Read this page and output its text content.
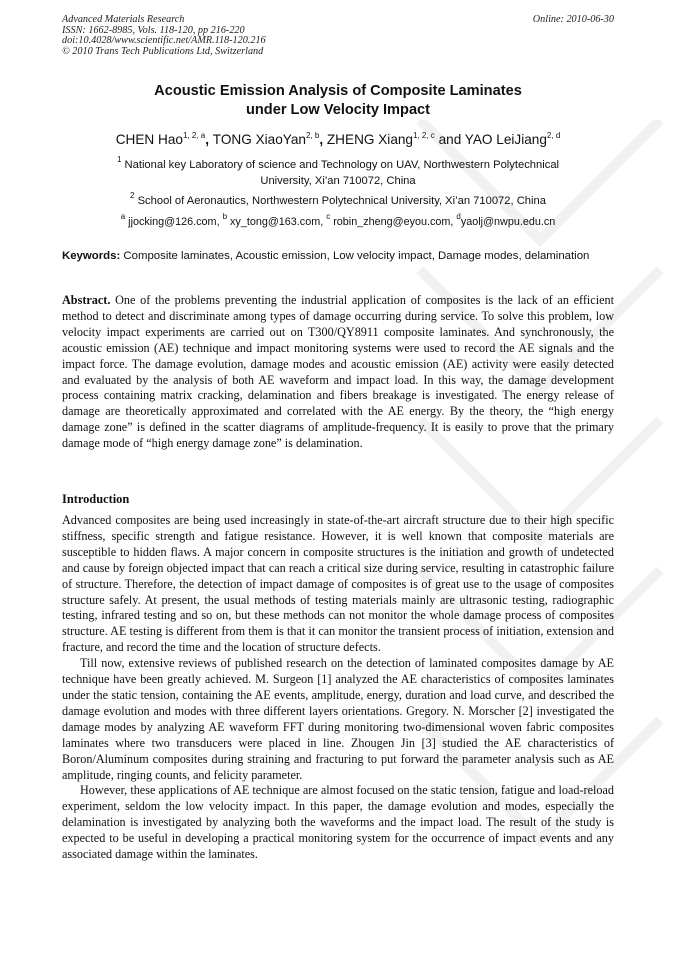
Advanced Materials Research
ISSN: 1662-8985, Vols. 118-120, pp 216-220
doi:10.4028/www.scientific.net/AMR.118-120.216
© 2010 Trans Tech Publications Ltd, Switzerland
Online: 2010-06-30
Acoustic Emission Analysis of Composite Laminates
under Low Velocity Impact
CHEN Hao$^{1, 2, a}$, TONG XiaoYan$^{2, b}$, ZHENG Xiang$^{1, 2, c}$ and YAO LeiJiang$^{2, d}$
$^1$ National key Laboratory of science and Technology on UAV, Northwestern Polytechnical
University, Xi’an 710072, China
$^2$ School of Aeronautics, Northwestern Polytechnical University, Xi’an 710072, China
$^a$ jjocking@126.com, $^b$ xy_tong@163.com, $^c$ robin_zheng@eyou.com, $^d$yaolj@nwpu.edu.cn
Keywords: Composite laminates, Acoustic emission, Low velocity impact, Damage modes, delamination
Abstract. One of the problems preventing the industrial application of composites is the lack of an efficient method to detect and discriminate among types of damage occurring during service. To solve this problem, low velocity impact experiments are carried out on T300/QY8911 composite laminates. And synchronously, the acoustic emission (AE) technique and impact monitoring systems were used to record the AE signals and the impact force. The damage evolution, damage modes and acoustic emission (AE) activity were easily detected and evaluated by the analysis of both AE waveform and impact load. In this way, the damage development process containing matrix cracking, delamination and fibers breakage is investigated. The energy release of damage are theoretically approximated and correlated with the AE energy. By the theory, the “high energy damage zone” is defined in the scatter diagrams of amplitude-frequency. It is easily to prove that the primary damage mode of “high energy damage zone” is delamination.
Introduction

Advanced composites are being used increasingly in state-of-the-art aircraft structure due to their high specific stiffness, specific strength and fatigue resistance. However, it is well known that composite materials are susceptible to hidden flaws. A major concern in composite structures is the initiation and growth of undetected and cause by foreign objected impact that can reach a critical size during service, resulting in catastrophic failure of structure. Therefore, the detection of impact damage of composites is of great use to the usage of composites structure safely. At present, the usual methods of testing materials mainly are ultrasonic testing, radiographic testing, infrared testing and so on, but these methods can not monitor the whole damage process of composites structure. AE testing is different from them is that it can monitor the transient process of initiation, extension and fracture, and record the time and the location of structure defects.

Till now, extensive reviews of published research on the detection of laminated composites damage by AE technique have been greatly achieved. M. Surgeon [1] analyzed the AE characteristics of composites laminates under the static tension, containing the AE events, amplitude, energy, duration and load curve, and described the damage evolution and modes with three different layers orientations. Gregory. N. Morscher [2] investigated the damage modes by analyzing AE waveform FFT during monitoring two-dimensional woven fabric composites laminates where two transducers were placed in line. Zhougen Jin [3] studied the AE characteristics of Boron/Aluminum composites during straining and fracturing to put forward the parameter analysis such as AE amplitude, ringing counts, and felicity parameter.

However, these applications of AE technique are almost focused on the static tension, fatigue and load-reload experiment, seldom the low velocity impact. In this paper, the damage evolution and modes, especially the delamination is investigated by analyzing both the waveforms and the impact load. The result of the study is expected to be useful in developing a practical monitoring system for the occurrence of impact events and any associated damage within the laminates.
